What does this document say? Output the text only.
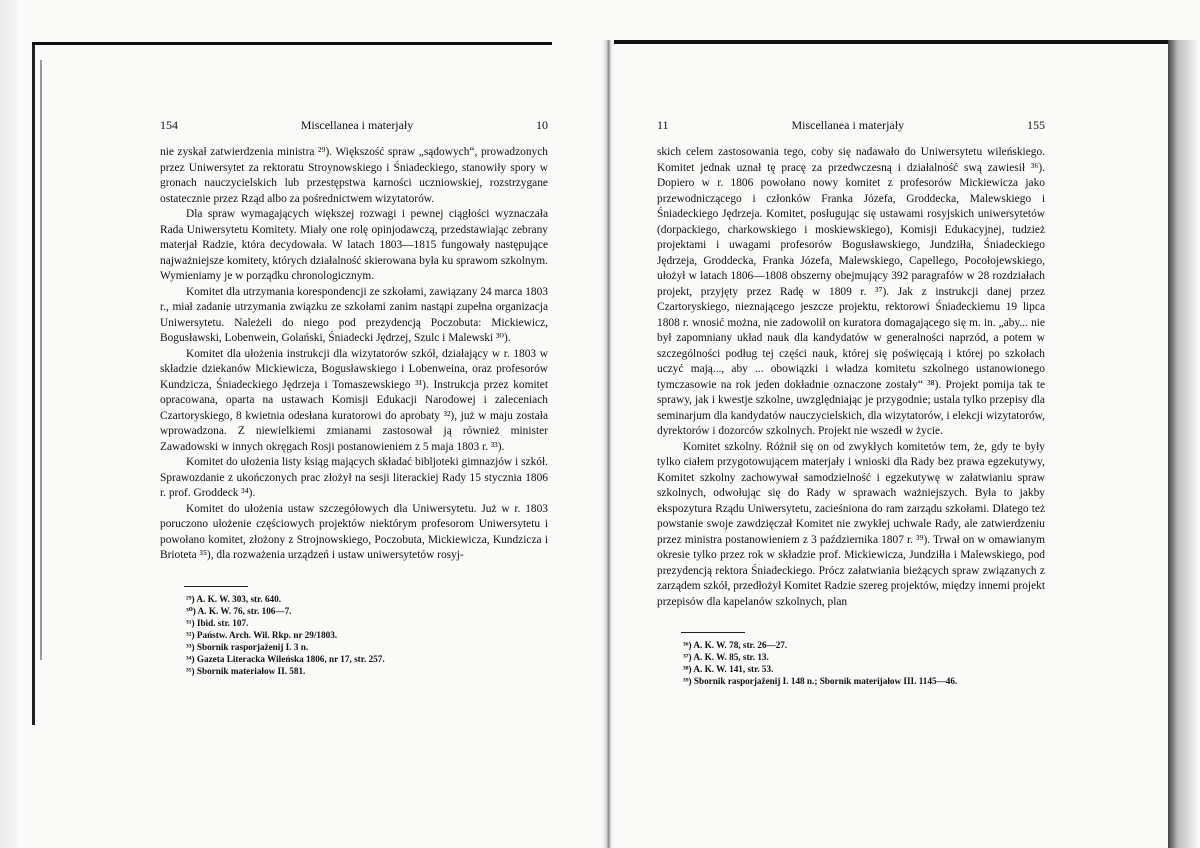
154	Miscellanea i materjały	10

nie zyskał zatwierdzenia ministra ²⁹). Większość spraw „sądowych“, prowadzonych przez Uniwersytet za rektoratu Stroynowskiego i Śniadeckiego, stanowiły spory w gronach nauczycielskich lub przestępstwa karności uczniowskiej, rozstrzygane ostatecznie przez Rząd albo za pośrednictwem wizytatorów.

Dla spraw wymagających większej rozwagi i pewnej ciągłości wyznaczała Rada Uniwersytetu Komitety. Miały one rolę opinjodawczą, przedstawiając zebrany materjał Radzie, która decydowała. W latach 1803—1815 fungowały następujące najważniejsze komitety, których działalność skierowana była ku sprawom szkolnym. Wymieniamy je w porządku chronologicznym.

Komitet dla utrzymania korespondencji ze szkołami, zawiązany 24 marca 1803 r., miał zadanie utrzymania związku ze szkołami zanim nastąpi zupełna organizacja Uniwersytetu. Należeli do niego pod prezydencją Poczobuta: Mickiewicz, Bogusławski, Lobenwein, Golański, Śniadecki Jędrzej, Szulc i Malewski ³⁰).

Komitet dla ułożenia instrukcji dla wizytatorów szkół, działający w r. 1803 w składzie dziekanów Mickiewicza, Bogusławskiego i Lobenweina, oraz profesorów Kundzicza, Śniadeckiego Jędrzeja i Tomaszewskiego ³¹). Instrukcja przez komitet opracowana, oparta na ustawach Komisji Edukacji Narodowej i zaleceniach Czartoryskiego, 8 kwietnia odesłana kuratorowi do aprobaty ³²), już w maju została wprowadzona. Z niewielkiemi zmianami zastosował ją również minister Zawadowski w innych okręgach Rosji postanowieniem z 5 maja 1803 r. ³³).

Komitet do ułożenia listy ksiąg mających składać bibljoteki gimnazjów i szkół. Sprawozdanie z ukończonych prac złożył na sesji literackiej Rady 15 stycznia 1806 r. prof. Groddeck ³⁴).

Komitet do ułożenia ustaw szczegółowych dla Uniwersytetu. Już w r. 1803 poruczono ułożenie częściowych projektów niektórym profesorom Uniwersytetu i powołano komitet, złożony z Strojnowskiego, Poczobuta, Mickiewicza, Kundzicza i Brioteta ³⁵), dla rozważenia urządzeń i ustaw uniwersytetów rosyj-

²⁹) A. K. W. 303, str. 640.
³⁰) A. K. W. 76, str. 106—7.
³¹) Ibid. str. 107.
³²) Państw. Arch. Wil. Rkp. nr 29/1803.
³³) Sbornik rasporjaženij I. 3 n.
³⁴) Gazeta Literacka Wileńska 1806, nr 17, str. 257.
³⁵) Sbornik materiałow II. 581.
11	Miscellanea i materjały	155

skich celem zastosowania tego, coby się nadawało do Uniwersytetu wileńskiego. Komitet jednak uznał tę pracę za przedwczesną i działalność swą zawiesił ³⁶). Dopiero w r. 1806 powołano nowy komitet z profesorów Mickiewicza jako przewodniczącego i członków Franka Józefa, Groddecka, Malewskiego i Śniadeckiego Jędrzeja. Komitet, posługując się ustawami rosyjskich uniwersytetów (dorpackiego, charkowskiego i moskiewskiego), Komisji Edukacyjnej, tudzież projektami i uwagami profesorów Bogusławskiego, Jundziłła, Śniadeckiego Jędrzeja, Groddecka, Franka Józefa, Malewskiego, Capellego, Pocołojewskiego, ułożył w latach 1806—1808 obszerny obejmujący 392 paragrafów w 28 rozdziałach projekt, przyjęty przez Radę w 1809 r. ³⁷). Jak z instrukcji danej przez Czartoryskiego, nieznającego jeszcze projektu, rektorowi Śniadeckiemu 19 lipca 1808 r. wnosić można, nie zadowolił on kuratora domagającego się m. in. „aby... nie był zapomniany układ nauk dla kandydatów w generalności naprzód, a potem w szczególności podług tej części nauk, której się poświęcają i której po szkołach uczyć mają..., aby ... obowiązki i władza komitetu szkolnego ustanowionego tymczasowie na rok jeden dokładnie oznaczone zostały“ ³⁸). Projekt pomija tak te sprawy, jak i kwestje szkolne, uwzględniając je przygodnie; ustala tylko przepisy dla seminarjum dla kandydatów nauczycielskich, dla wizytatorów, i elekcji wizytatorów, dyrektorów i dozorców szkolnych. Projekt nie wszedł w życie.

Komitet szkolny. Różnił się on od zwykłych komitetów tem, że, gdy te były tylko ciałem przygotowującem materjały i wnioski dla Rady bez prawa egzekutywy, Komitet szkolny zachowywał samodzielność i egzekutywę w załatwianiu spraw szkolnych, odwołując się do Rady w sprawach ważniejszych. Była to jakby ekspozytura Rządu Uniwersytetu, zacieśniona do ram zarządu szkołami. Dlatego też powstanie swoje zawdzięczał Komitet nie zwykłej uchwale Rady, ale zatwierdzeniu przez ministra postanowieniem z 3 października 1807 r. ³⁹). Trwał on w omawianym okresie tylko przez rok w składzie prof. Mickiewicza, Jundziłła i Malewskiego, pod prezydencją rektora Śniadeckiego. Prócz załatwiania bieżących spraw związanych z zarządem szkół, przedłożył Komitet Radzie szereg projektów, między innemi projekt przepisów dla kapelanów szkolnych, plan

³⁶) A. K. W. 78, str. 26—27.
³⁷) A. K. W. 85, str. 13.
³⁸) A. K. W. 141, str. 53.
³⁹) Sbornik rasporjaženij I. 148 n.; Sbornik materijałow III. 1145—46.
